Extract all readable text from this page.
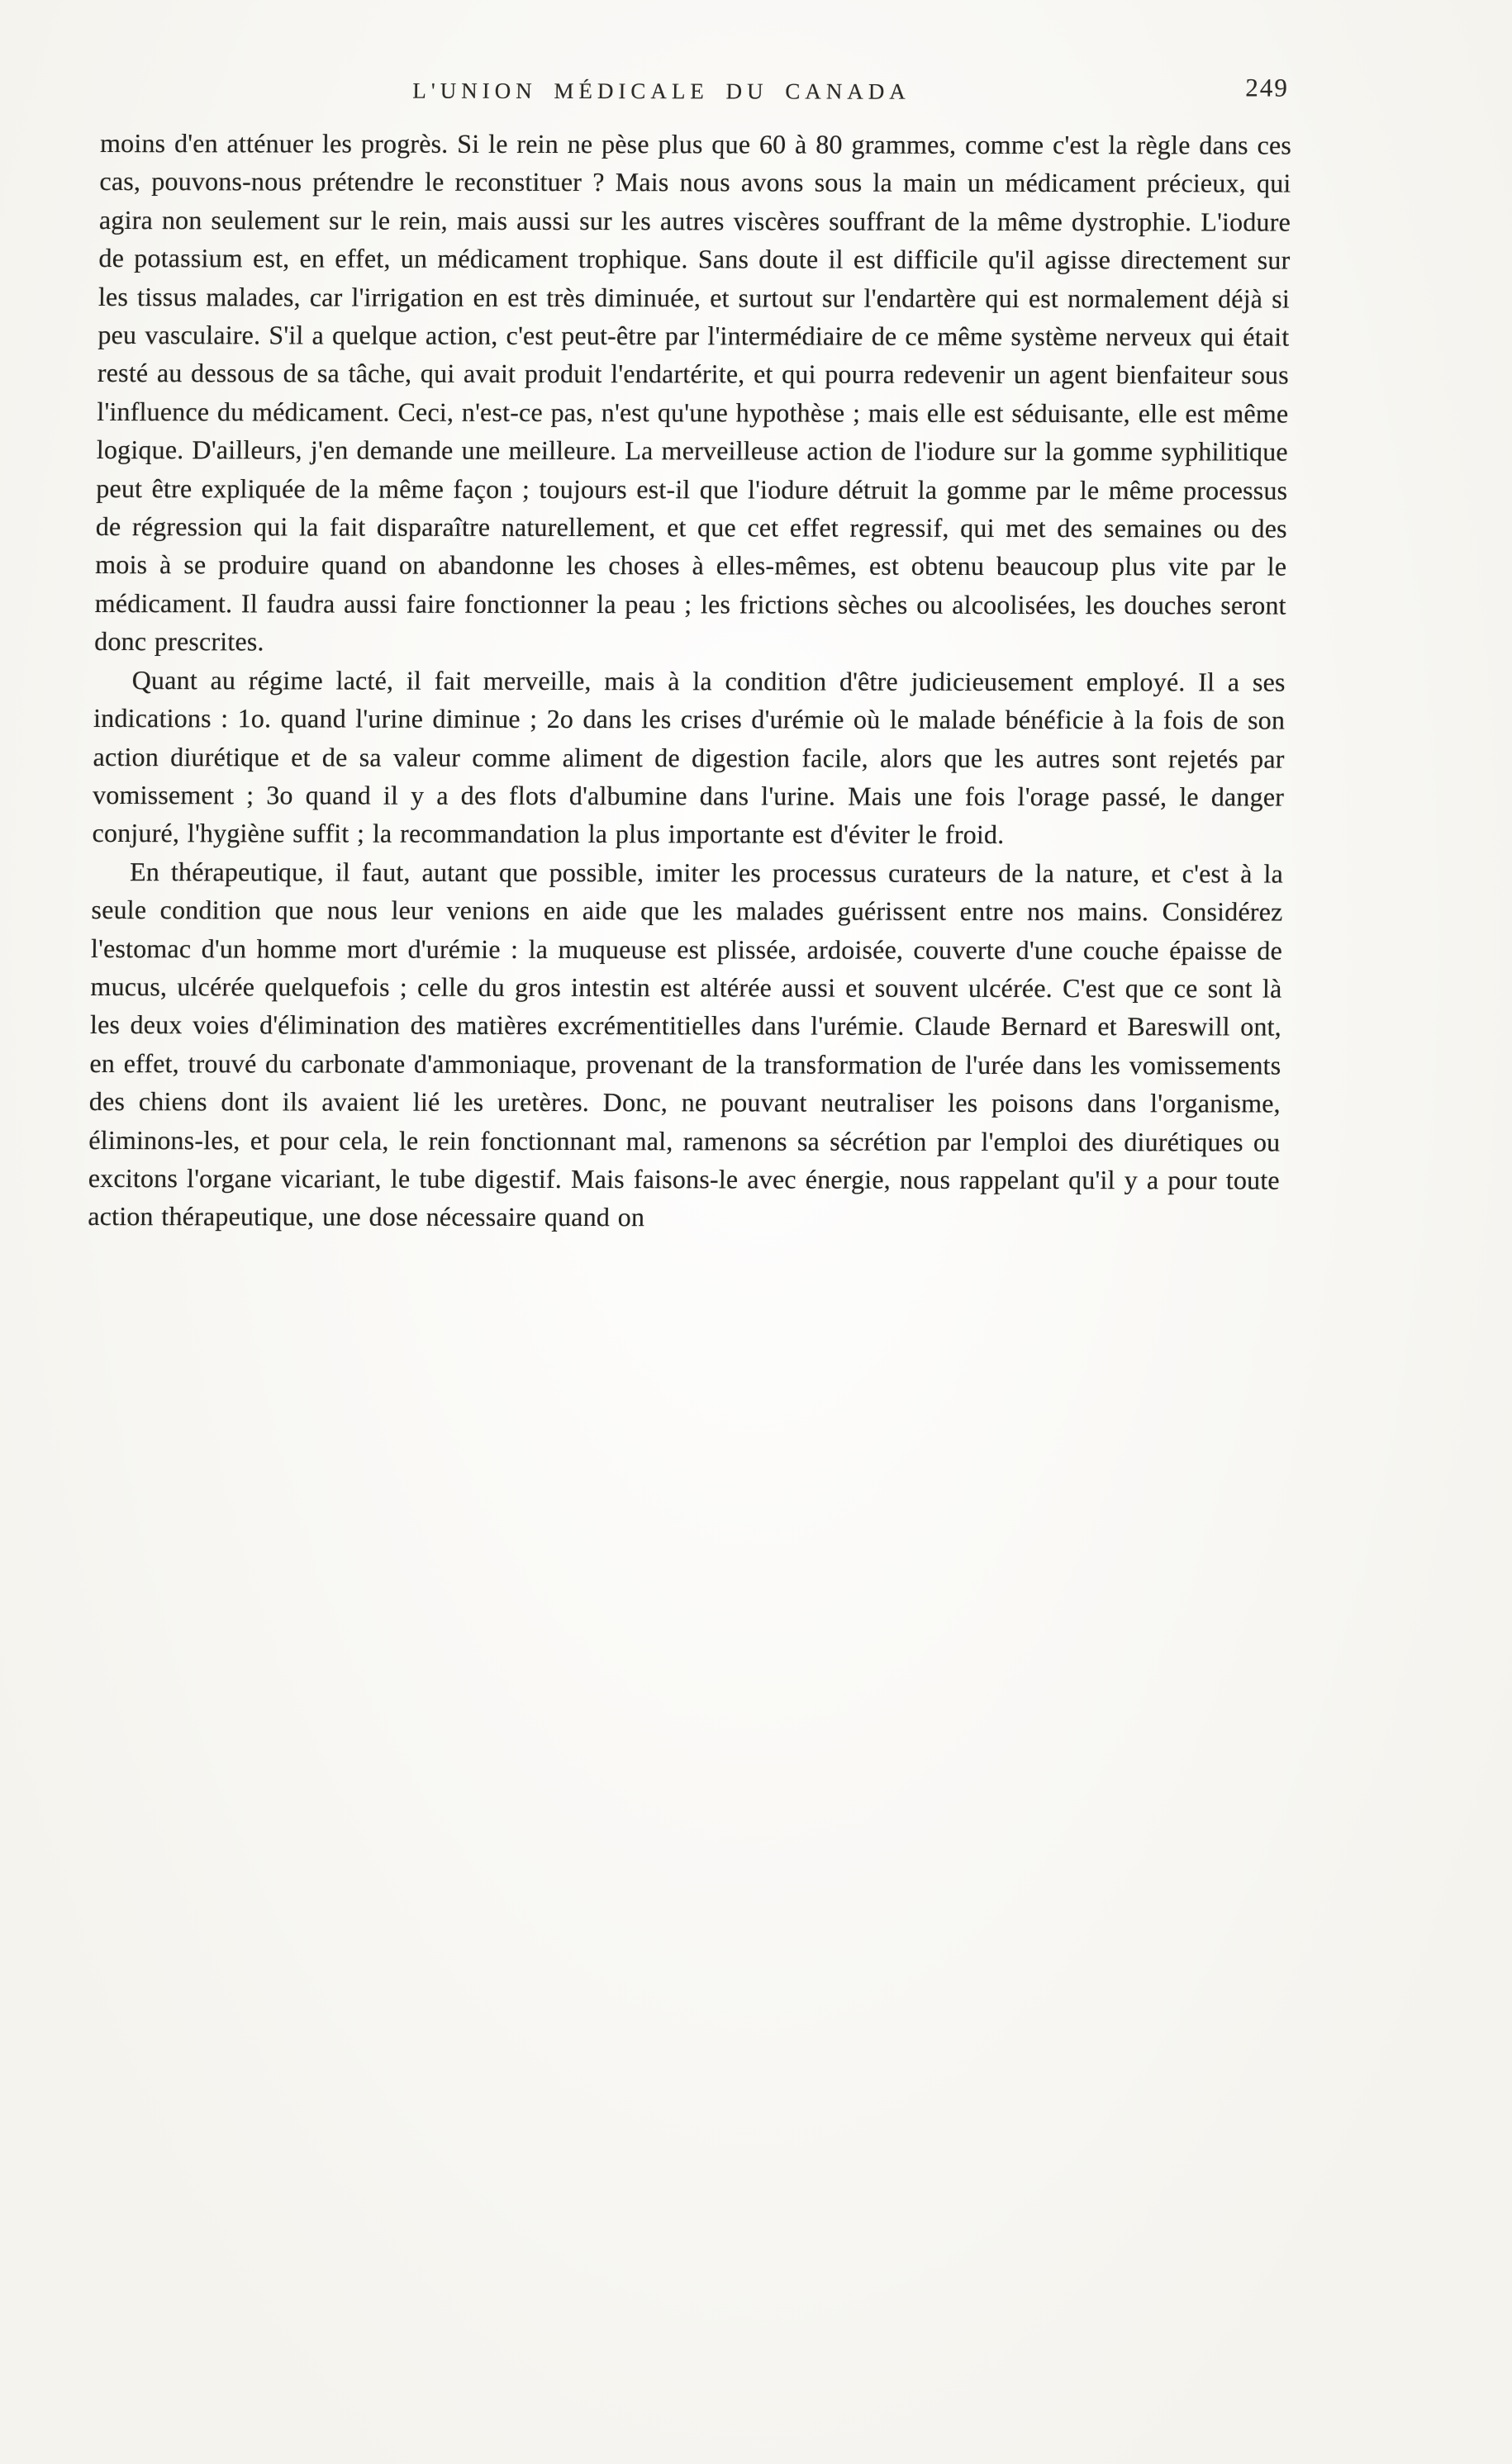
L'UNION MÉDICALE DU CANADA	249

moins d'en atténuer les progrès. Si le rein ne pèse plus que 60 à 80 grammes, comme c'est la règle dans ces cas, pouvons-nous prétendre le reconstituer ? Mais nous avons sous la main un médicament précieux, qui agira non seulement sur le rein, mais aussi sur les autres viscères souffrant de la même dystrophie. L'iodure de potassium est, en effet, un médicament trophique. Sans doute il est difficile qu'il agisse directement sur les tissus malades, car l'irrigation en est très diminuée, et surtout sur l'endartère qui est normalement déjà si peu vasculaire. S'il a quelque action, c'est peut-être par l'intermédiaire de ce même système nerveux qui était resté au dessous de sa tâche, qui avait produit l'endartérite, et qui pourra redevenir un agent bienfaiteur sous l'influence du médicament. Ceci, n'est-ce pas, n'est qu'une hypothèse ; mais elle est séduisante, elle est même logique. D'ailleurs, j'en demande une meilleure. La merveilleuse action de l'iodure sur la gomme syphilitique peut être expliquée de la même façon ; toujours est-il que l'iodure détruit la gomme par le même processus de régression qui la fait disparaître naturellement, et que cet effet regressif, qui met des semaines ou des mois à se produire quand on abandonne les choses à elles-mêmes, est obtenu beaucoup plus vite par le médicament. Il faudra aussi faire fonctionner la peau ; les frictions sèches ou alcoolisées, les douches seront donc prescrites.

Quant au régime lacté, il fait merveille, mais à la condition d'être judicieusement employé. Il a ses indications : 1o. quand l'urine diminue ; 2o dans les crises d'urémie où le malade bénéficie à la fois de son action diurétique et de sa valeur comme aliment de digestion facile, alors que les autres sont rejetés par vomissement ; 3o quand il y a des flots d'albumine dans l'urine. Mais une fois l'orage passé, le danger conjuré, l'hygiène suffit ; la recommandation la plus importante est d'éviter le froid.

En thérapeutique, il faut, autant que possible, imiter les processus curateurs de la nature, et c'est à la seule condition que nous leur venions en aide que les malades guérissent entre nos mains. Considérez l'estomac d'un homme mort d'urémie : la muqueuse est plissée, ardoisée, couverte d'une couche épaisse de mucus, ulcérée quelquefois ; celle du gros intestin est altérée aussi et souvent ulcérée. C'est que ce sont là les deux voies d'élimination des matières excrémentitielles dans l'urémie. Claude Bernard et Bareswill ont, en effet, trouvé du carbonate d'ammoniaque, provenant de la transformation de l'urée dans les vomissements des chiens dont ils avaient lié les uretères. Donc, ne pouvant neutraliser les poisons dans l'organisme, éliminons-les, et pour cela, le rein fonctionnant mal, ramenons sa sécrétion par l'emploi des diurétiques ou excitons l'organe vicariant, le tube digestif. Mais faisons-le avec énergie, nous rappelant qu'il y a pour toute action thérapeutique, une dose nécessaire quand on
